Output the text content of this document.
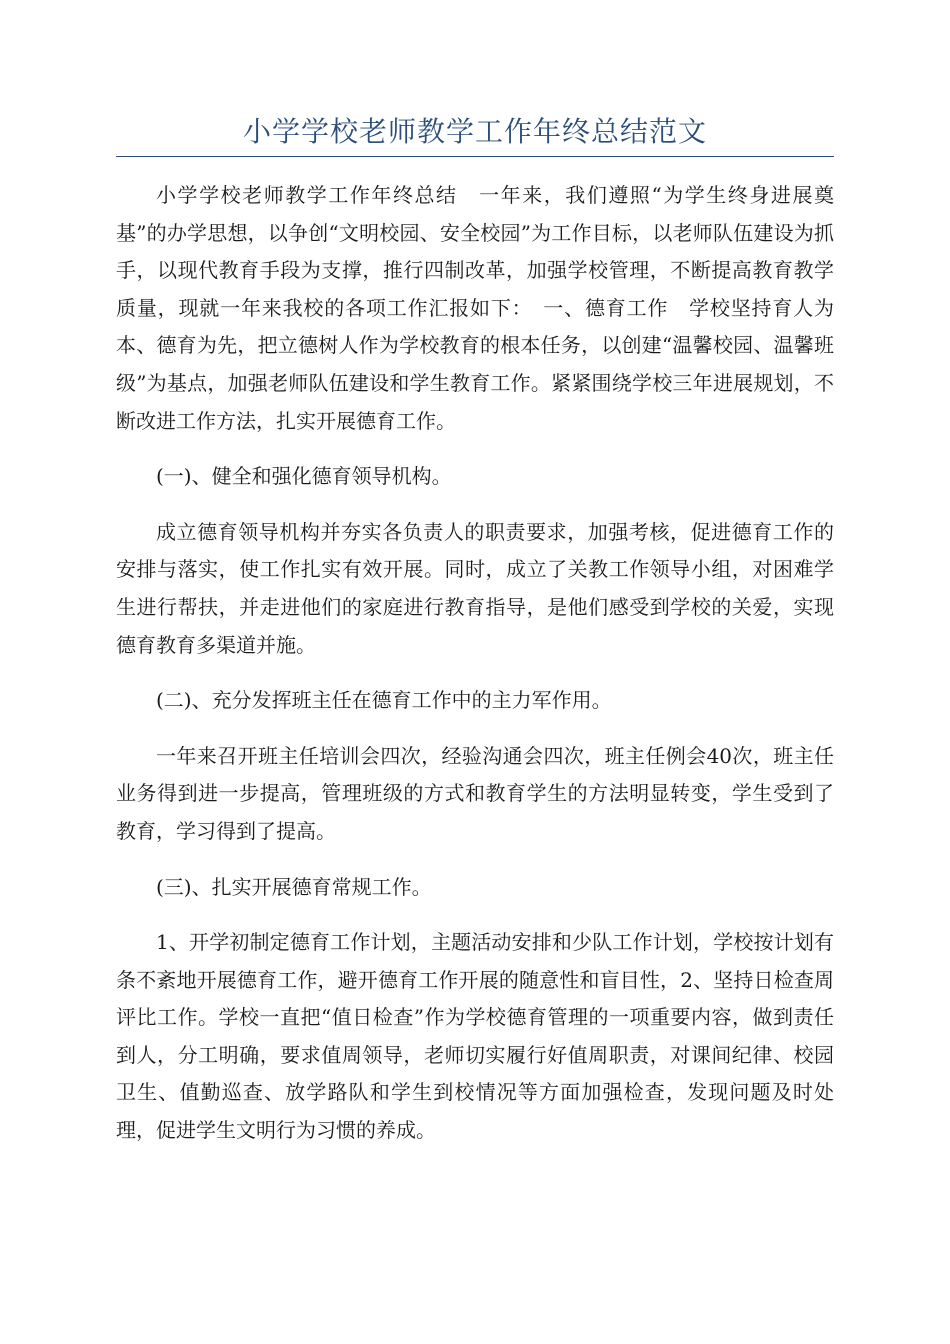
小学学校老师教学工作年终总结范文

小学学校老师教学工作年终总结　一年来，我们遵照“为学生终身进展奠基”的办学思想，以争创“文明校园、安全校园”为工作目标，以老师队伍建设为抓手，以现代教育手段为支撑，推行四制改革，加强学校管理，不断提高教育教学质量，现就一年来我校的各项工作汇报如下：　一、德育工作　学校坚持育人为本、德育为先，把立德树人作为学校教育的根本任务，以创建“温馨校园、温馨班级”为基点，加强老师队伍建设和学生教育工作。紧紧围绕学校三年进展规划，不断改进工作方法，扎实开展德育工作。

(一)、健全和强化德育领导机构。

成立德育领导机构并夯实各负责人的职责要求，加强考核，促进德育工作的安排与落实，使工作扎实有效开展。同时，成立了关教工作领导小组，对困难学生进行帮扶，并走进他们的家庭进行教育指导，是他们感受到学校的关爱，实现德育教育多渠道并施。

(二)、充分发挥班主任在德育工作中的主力军作用。

一年来召开班主任培训会四次，经验沟通会四次，班主任例会40次，班主任业务得到进一步提高，管理班级的方式和教育学生的方法明显转变，学生受到了教育，学习得到了提高。

(三)、扎实开展德育常规工作。

1、开学初制定德育工作计划，主题活动安排和少队工作计划，学校按计划有条不紊地开展德育工作，避开德育工作开展的随意性和盲目性，2、坚持日检查周评比工作。学校一直把“值日检查”作为学校德育管理的一项重要内容，做到责任到人，分工明确，要求值周领导，老师切实履行好值周职责，对课间纪律、校园卫生、值勤巡查、放学路队和学生到校情况等方面加强检查，发现问题及时处理，促进学生文明行为习惯的养成。
